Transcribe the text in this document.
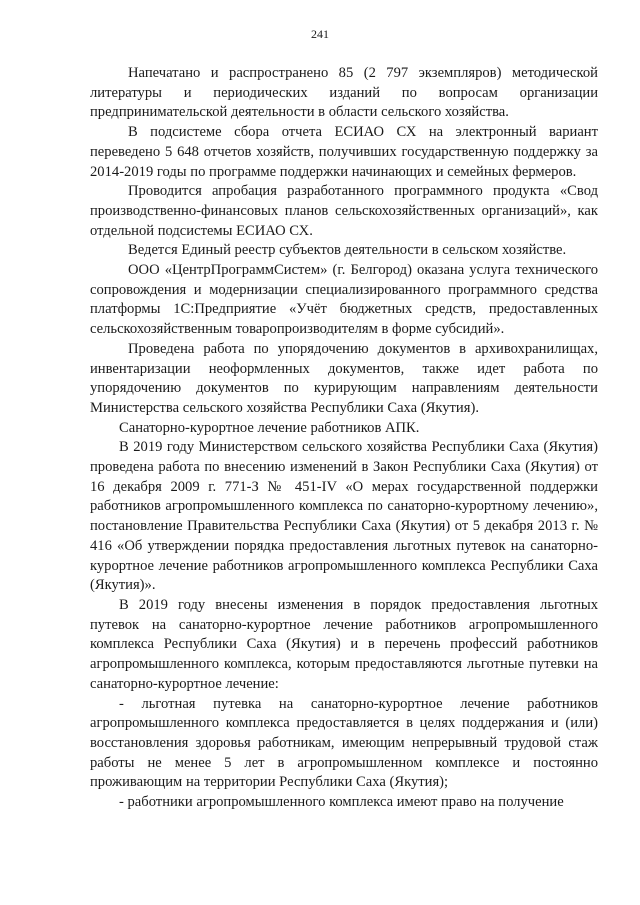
241

Напечатано и распространено 85 (2 797 экземпляров) методической литературы и периодических изданий по вопросам организации предпринимательской деятельности в области сельского хозяйства.

В подсистеме сбора отчета ЕСИАО СХ на электронный вариант переведено 5 648 отчетов хозяйств, получивших государственную поддержку за 2014-2019 годы по программе поддержки начинающих и семейных фермеров.

Проводится апробация разработанного программного продукта «Свод производственно-финансовых планов сельскохозяйственных организаций», как отдельной подсистемы ЕСИАО СХ.

Ведется Единый реестр субъектов деятельности в сельском хозяйстве.

ООО «ЦентрПрограммСистем» (г. Белгород) оказана услуга технического сопровождения и модернизации специализированного программного средства платформы 1С:Предприятие «Учёт бюджетных средств, предоставленных сельскохозяйственным товаропроизводителям в форме субсидий».

Проведена работа по упорядочению документов в архивохранилищах, инвентаризации неоформленных документов, также идет работа по упорядочению документов по курирующим направлениям деятельности Министерства сельского хозяйства Республики Саха (Якутия).

Санаторно-курортное лечение работников АПК.

В 2019 году Министерством сельского хозяйства Республики Саха (Якутия) проведена работа по внесению изменений в Закон Республики Саха (Якутия) от 16 декабря 2009 г. 771-З № 451-IV «О мерах государственной поддержки работников агропромышленного комплекса по санаторно-курортному лечению», постановление Правительства Республики Саха (Якутия) от 5 декабря 2013 г. № 416 «Об утверждении порядка предоставления льготных путевок на санаторно-курортное лечение работников агропромышленного комплекса Республики Саха (Якутия)».

В 2019 году внесены изменения в порядок предоставления льготных путевок на санаторно-курортное лечение работников агропромышленного комплекса Республики Саха (Якутия) и в перечень профессий работников агропромышленного комплекса, которым предоставляются льготные путевки на санаторно-курортное лечение:

- льготная путевка на санаторно-курортное лечение работников агропромышленного комплекса предоставляется в целях поддержания и (или) восстановления здоровья работникам, имеющим непрерывный трудовой стаж работы не менее 5 лет в агропромышленном комплексе и постоянно проживающим на территории Республики Саха (Якутия);

- работники агропромышленного комплекса имеют право на получение
